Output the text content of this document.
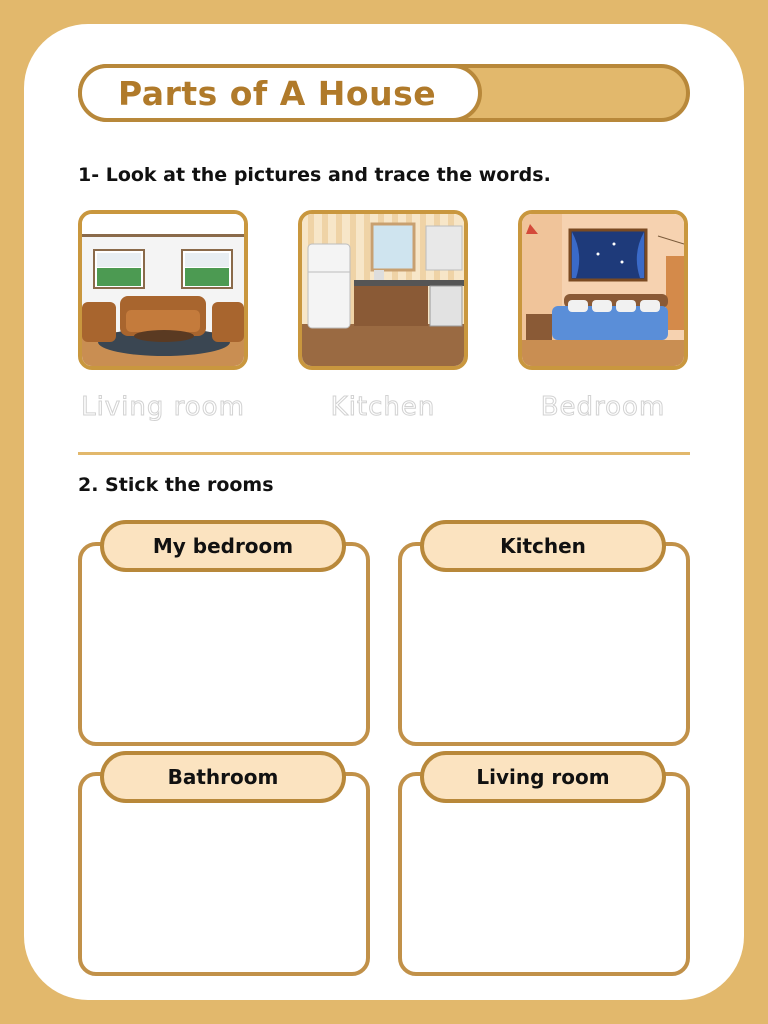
Parts of A House
1- Look at the pictures and trace the words.
Living room	Kitchen	Bedroom
2. Stick the rooms
My bedroom	Kitchen
Bathroom	Living room
